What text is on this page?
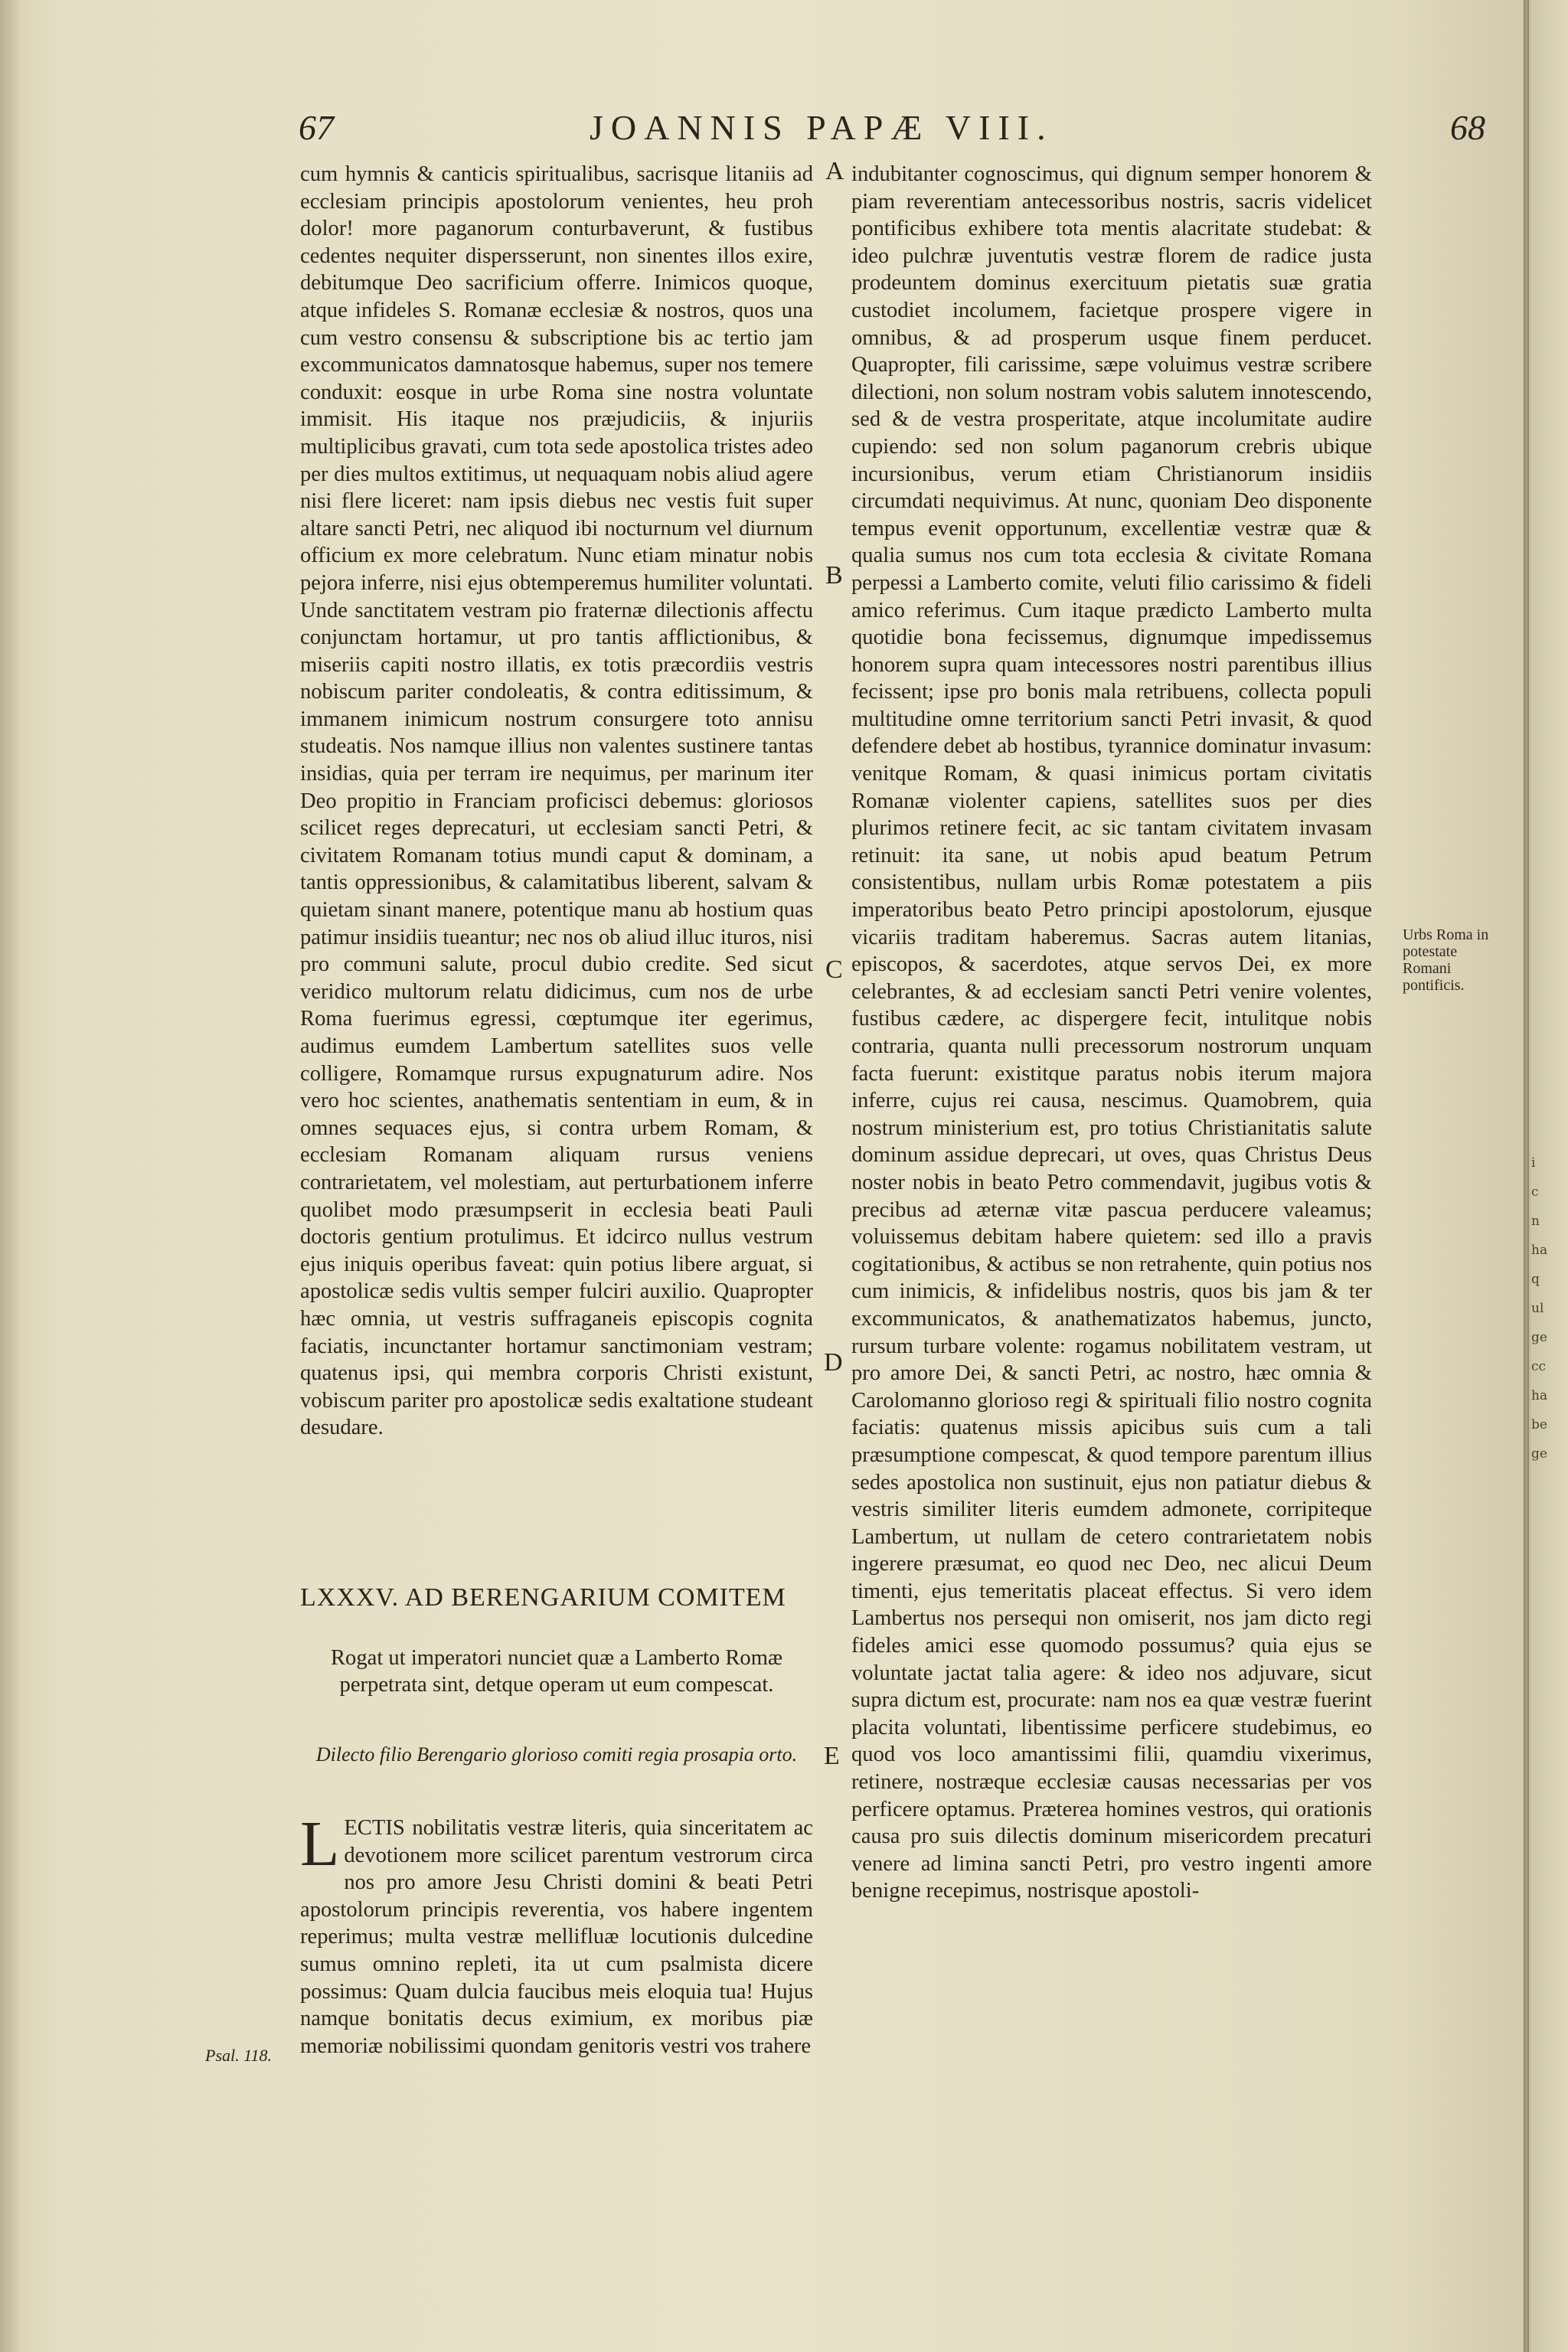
67	JOANNIS PAPÆ VIII.	68

cum hymnis & canticis spiritualibus, sacrisque litaniis ad ecclesiam principis apostolorum venientes, heu proh dolor! more paganorum conturbaverunt, & fustibus cedentes nequiter dispersserunt, non sinentes illos exire, debitumque Deo sacrificium offerre. Inimicos quoque, atque infideles S. Romanæ ecclesiæ & nostros, quos una cum vestro consensu & subscriptione bis ac tertio jam excommunicatos damnatosque habemus, super nos temere conduxit: eosque in urbe Roma sine nostra voluntate immisit. His itaque nos præjudiciis, & injuriis multiplicibus gravati, cum tota sede apostolica tristes adeo per dies multos extitimus, ut nequaquam nobis aliud agere nisi flere liceret: nam ipsis diebus nec vestis fuit super altare sancti Petri, nec aliquod ibi nocturnum vel diurnum officium ex more celebratum. Nunc etiam minatur nobis pejora inferre, nisi ejus obtemperemus humiliter voluntati. Unde sanctitatem vestram pio fraternæ dilectionis affectu conjunctam hortamur, ut pro tantis afflictionibus, & miseriis capiti nostro illatis, ex totis præcordiis vestris nobiscum pariter condoleatis, & contra editissimum, & immanem inimicum nostrum consurgere toto annisu studeatis. Nos namque illius non valentes sustinere tantas insidias, quia per terram ire nequimus, per marinum iter Deo propitio in Franciam proficisci debemus: gloriosos scilicet reges deprecaturi, ut ecclesiam sancti Petri, & civitatem Romanam totius mundi caput & dominam, a tantis oppressionibus, & calamitatibus liberent, salvam & quietam sinant manere, potentique manu ab hostium quas patimur insidiis tueantur; nec nos ob aliud illuc ituros, nisi pro communi salute, procul dubio credite. Sed sicut veridico multorum relatu didicimus, cum nos de urbe Roma fuerimus egressi, cœptumque iter egerimus, audimus eumdem Lambertum satellites suos velle colligere, Romamque rursus expugnaturum adire. Nos vero hoc scientes, anathematis sententiam in eum, & in omnes sequaces ejus, si contra urbem Romam, & ecclesiam Romanam aliquam rursus veniens contrarietatem, vel molestiam, aut perturbationem inferre quolibet modo præsumpserit in ecclesia beati Pauli doctoris gentium protulimus. Et idcirco nullus vestrum ejus iniquis operibus faveat: quin potius libere arguat, si apostolicæ sedis vultis semper fulciri auxilio. Quapropter hæc omnia, ut vestris suffraganeis episcopis cognita faciatis, incunctanter hortamur sanctimoniam vestram; quatenus ipsi, qui membra corporis Christi existunt, vobiscum pariter pro apostolicæ sedis exaltatione studeant desudare.

LXXXV. AD BERENGARIUM COMITEM
Rogat ut imperatori nunciet quæ a Lamberto Romæ perpetrata sint, detque operam ut eum compescat.
Dilecto filio Berengario glorioso comiti regia prosapia orto.
L ECTIS nobilitatis vestræ literis, quia sinceritatem ac devotionem more scilicet parentum vestrorum circa nos pro amore Jesu Christi domini & beati Petri apostolorum principis reverentia, vos habere ingentem reperimus; multa vestræ mellifluæ locutionis dulcedine sumus omnino repleti, ita ut cum psalmista dicere possimus: Quam dulcia faucibus meis eloquia tua! Hujus namque bonitatis decus eximium, ex moribus piæ memoriæ nobilissimi quondam genitoris vestri vos trahere
Psal. 118.

indubitanter cognoscimus, qui dignum semper honorem & piam reverentiam antecessoribus nostris, sacris videlicet pontificibus exhibere tota mentis alacritate studebat: & ideo pulchræ juventutis vestræ florem de radice justa prodeuntem dominus exercituum pietatis suæ gratia custodiet incolumem, facietque prospere vigere in omnibus, & ad prosperum usque finem perducet. Quapropter, fili carissime, sæpe voluimus vestræ scribere dilectioni, non solum nostram vobis salutem innotescendo, sed & de vestra prosperitate, atque incolumitate audire cupiendo: sed non solum paganorum crebris ubique incursionibus, verum etiam Christianorum insidiis circumdati nequivimus. At nunc, quoniam Deo disponente tempus evenit opportunum, excellentiæ vestræ quæ & qualia sumus nos cum tota ecclesia & civitate Romana perpessi a Lamberto comite, veluti filio carissimo & fideli amico referimus. Cum itaque prædicto Lamberto multa quotidie bona fecissemus, dignumque impedissemus honorem supra quam intecessores nostri parentibus illius fecissent; ipse pro bonis mala retribuens, collecta populi multitudine omne territorium sancti Petri invasit, & quod defendere debet ab hostibus, tyrannice dominatur invasum: venitque Romam, & quasi inimicus portam civitatis Romanæ violenter capiens, satellites suos per dies plurimos retinere fecit, ac sic tantam civitatem invasam retinuit: ita sane, ut nobis apud beatum Petrum consistentibus, nullam urbis Romæ potestatem a piis imperatoribus beato Petro principi apostolorum, ejusque vicariis traditam haberemus. Sacras autem litanias, episcopos, & sacerdotes, atque servos Dei, ex more celebrantes, & ad ecclesiam sancti Petri venire volentes, fustibus cædere, ac dispergere fecit, intulitque nobis contraria, quanta nulli precessorum nostrorum unquam facta fuerunt: existitque paratus nobis iterum majora inferre, cujus rei causa, nescimus. Quamobrem, quia nostrum ministerium est, pro totius Christianitatis salute dominum assidue deprecari, ut oves, quas Christus Deus noster nobis in beato Petro commendavit, jugibus votis & precibus ad æternæ vitæ pascua perducere valeamus; voluissemus debitam habere quietem: sed illo a pravis cogitationibus, & actibus se non retrahente, quin potius nos cum inimicis, & infidelibus nostris, quos bis jam & ter excommunicatos, & anathematizatos habemus, juncto, rursum turbare volente: rogamus nobilitatem vestram, ut pro amore Dei, & sancti Petri, ac nostro, hæc omnia & Carolomanno glorioso regi & spirituali filio nostro cognita faciatis: quatenus missis apicibus suis cum a tali præsumptione compescat, & quod tempore parentum illius sedes apostolica non sustinuit, ejus non patiatur diebus & vestris similiter literis eumdem admonete, corripiteque Lambertum, ut nullam de cetero contrarietatem nobis ingerere præsumat, eo quod nec Deo, nec alicui Deum timenti, ejus temeritatis placeat effectus. Si vero idem Lambertus nos persequi non omiserit, nos jam dicto regi fideles amici esse quomodo possumus? quia ejus se voluntate jactat talia agere: & ideo nos adjuvare, sicut supra dictum est, procurate: nam nos ea quæ vestræ fuerint placita voluntati, libentissime perficere studebimus, eo quod vos loco amantissimi filii, quamdiu vixerimus, retinere, nostræque ecclesiæ causas necessarias per vos perficere optamus. Præterea homines vestros, qui orationis causa pro suis dilectis dominum misericordem precaturi venere ad limina sancti Petri, pro vestro ingenti amore benigne recepimus, nostrisque apostoli-

A
B
C
D
E
Urbs Roma in potestate Romani pontificis.
i
c
n
ha
q
ul
ge
cc
ha
be
ge
